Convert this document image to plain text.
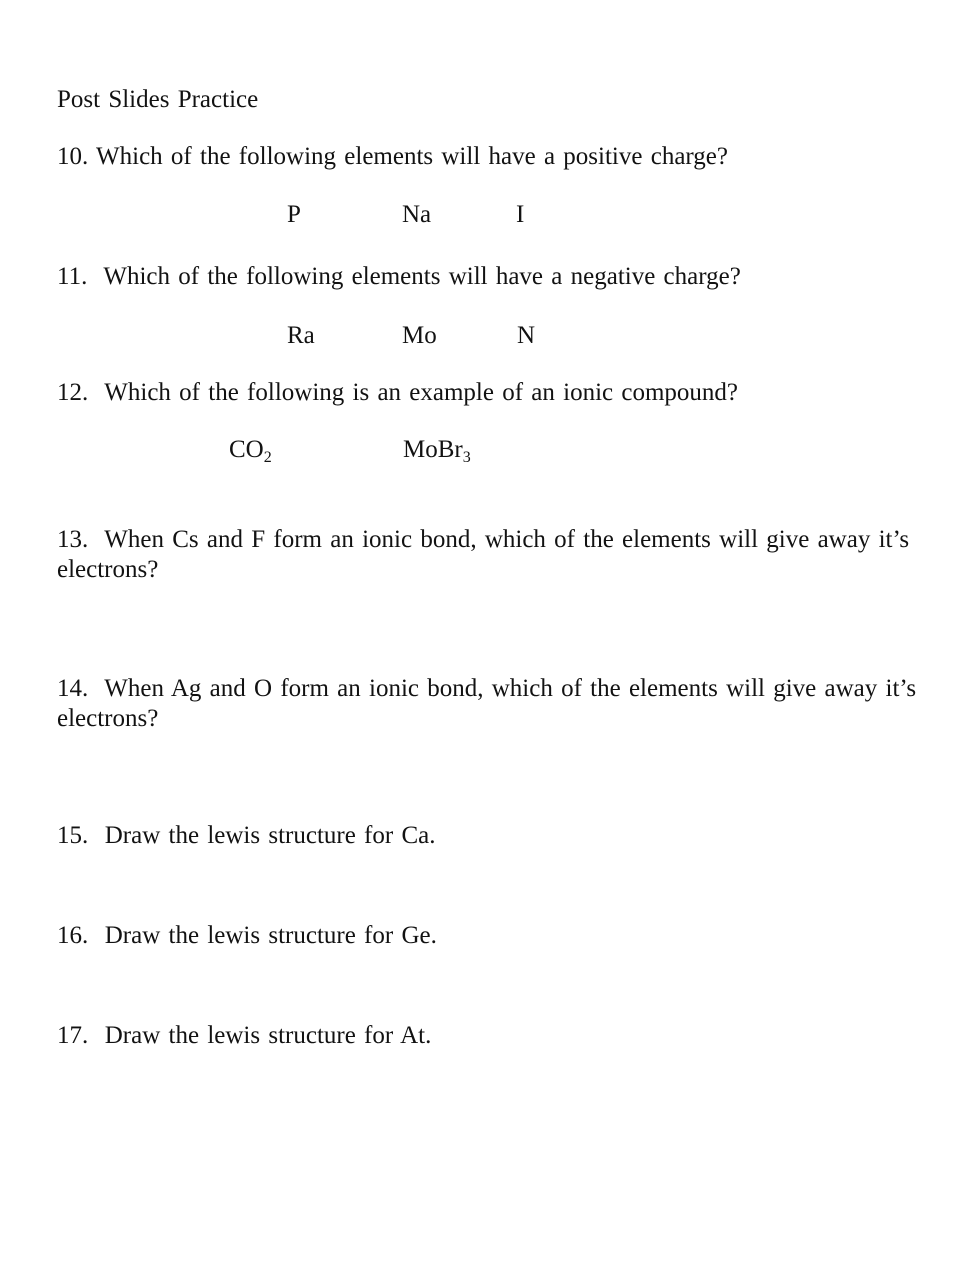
Post Slides Practice
10. Which of the following elements will have a positive charge?
P	Na	I
11.  Which of the following elements will have a negative charge?
Ra	Mo	N
12.  Which of the following is an example of an ionic compound?
$CO_2$	MoBr$_3$
13.  When Cs and F form an ionic bond, which of the elements will give away it’s electrons?
14.  When Ag and O form an ionic bond, which of the elements will give away it’s electrons?
15.  Draw the lewis structure for Ca.
16.  Draw the lewis structure for Ge.
17.  Draw the lewis structure for At.
